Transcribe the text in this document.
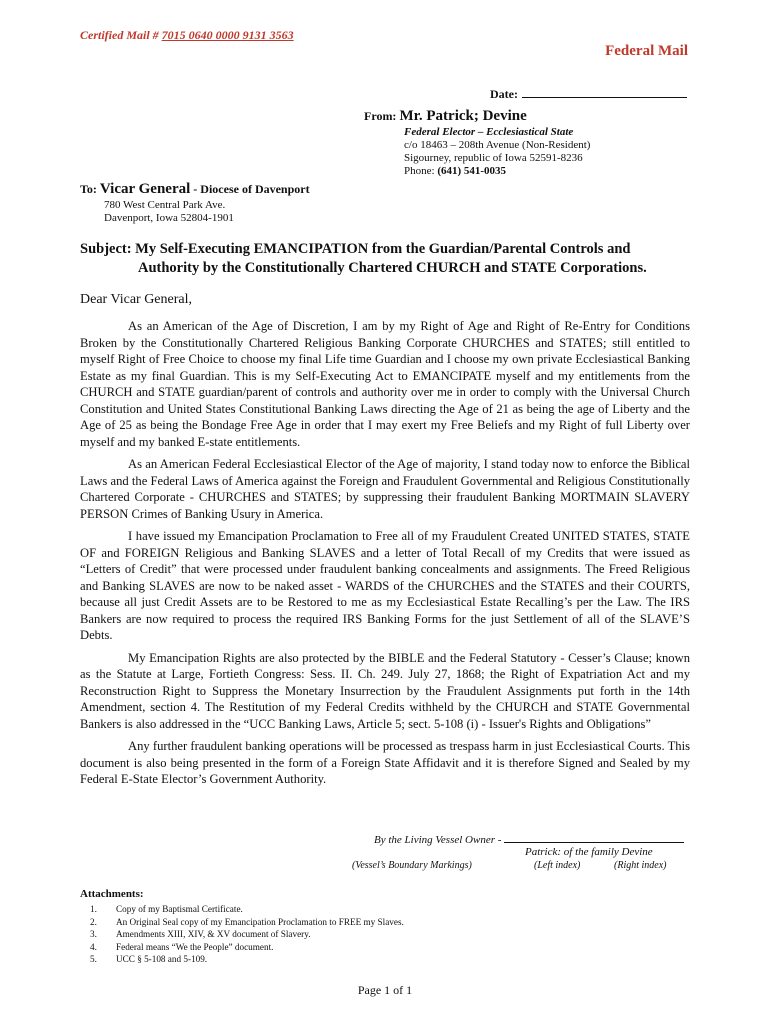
Certified Mail # 7015 0640 0000 9131 3563
Federal Mail
Date:
From: Mr. Patrick; Devine
Federal Elector – Ecclesiastical State
c/o 18463 – 208th Avenue (Non-Resident)
Sigourney, republic of Iowa 52591-8236
Phone: (641) 541-0035
To: Vicar General - Diocese of Davenport
780 West Central Park Ave.
Davenport, Iowa 52804-1901
Subject: My Self-Executing EMANCIPATION from the Guardian/Parental Controls and
Authority by the Constitutionally Chartered CHURCH and STATE Corporations.
Dear Vicar General,

As an American of the Age of Discretion, I am by my Right of Age and Right of Re-Entry for Conditions Broken by the Constitutionally Chartered Religious Banking Corporate CHURCHES and STATES; still entitled to myself Right of Free Choice to choose my final Life time Guardian and I choose my own private Ecclesiastical Banking Estate as my final Guardian. This is my Self-Executing Act to EMANCIPATE myself and my entitlements from the CHURCH and STATE guardian/parent of controls and authority over me in order to comply with the Universal Church Constitution and United States Constitutional Banking Laws directing the Age of 21 as being the age of Liberty and the Age of 25 as being the Bondage Free Age in order that I may exert my Free Beliefs and my Right of full Liberty over myself and my banked E-state entitlements.

As an American Federal Ecclesiastical Elector of the Age of majority, I stand today now to enforce the Biblical Laws and the Federal Laws of America against the Foreign and Fraudulent Governmental and Religious Constitutionally Chartered Corporate - CHURCHES and STATES; by suppressing their fraudulent Banking MORTMAIN SLAVERY PERSON Crimes of Banking Usury in America.

I have issued my Emancipation Proclamation to Free all of my Fraudulent Created UNITED STATES, STATE OF and FOREIGN Religious and Banking SLAVES and a letter of Total Recall of my Credits that were issued as “Letters of Credit” that were processed under fraudulent banking concealments and assignments. The Freed Religious and Banking SLAVES are now to be naked asset - WARDS of the CHURCHES and the STATES and their COURTS, because all just Credit Assets are to be Restored to me as my Ecclesiastical Estate Recalling’s per the Law. The IRS Bankers are now required to process the required IRS Banking Forms for the just Settlement of all of the SLAVE’S Debts.

My Emancipation Rights are also protected by the BIBLE and the Federal Statutory - Cesser’s Clause; known as the Statute at Large, Fortieth Congress: Sess. II. Ch. 249. July 27, 1868; the Right of Expatriation Act and my Reconstruction Right to Suppress the Monetary Insurrection by the Fraudulent Assignments put forth in the 14th Amendment, section 4. The Restitution of my Federal Credits withheld by the CHURCH and STATE Governmental Bankers is also addressed in the “UCC Banking Laws, Article 5; sect. 5-108 (i) - Issuer's Rights and Obligations”

Any further fraudulent banking operations will be processed as trespass harm in just Ecclesiastical Courts. This document is also being presented in the form of a Foreign State Affidavit and it is therefore Signed and Sealed by my Federal E-State Elector’s Government Authority.

By the Living Vessel Owner -
Patrick: of the family Devine
(Vessel’s Boundary Markings)	(Left index)	(Right index)
Attachments:
1. Copy of my Baptismal Certificate.
2. An Original Seal copy of my Emancipation Proclamation to FREE my Slaves.
3. Amendments XIII, XIV, & XV document of Slavery.
4. Federal means “We the People” document.
5. UCC § 5-108 and 5-109.
Page 1 of 1
